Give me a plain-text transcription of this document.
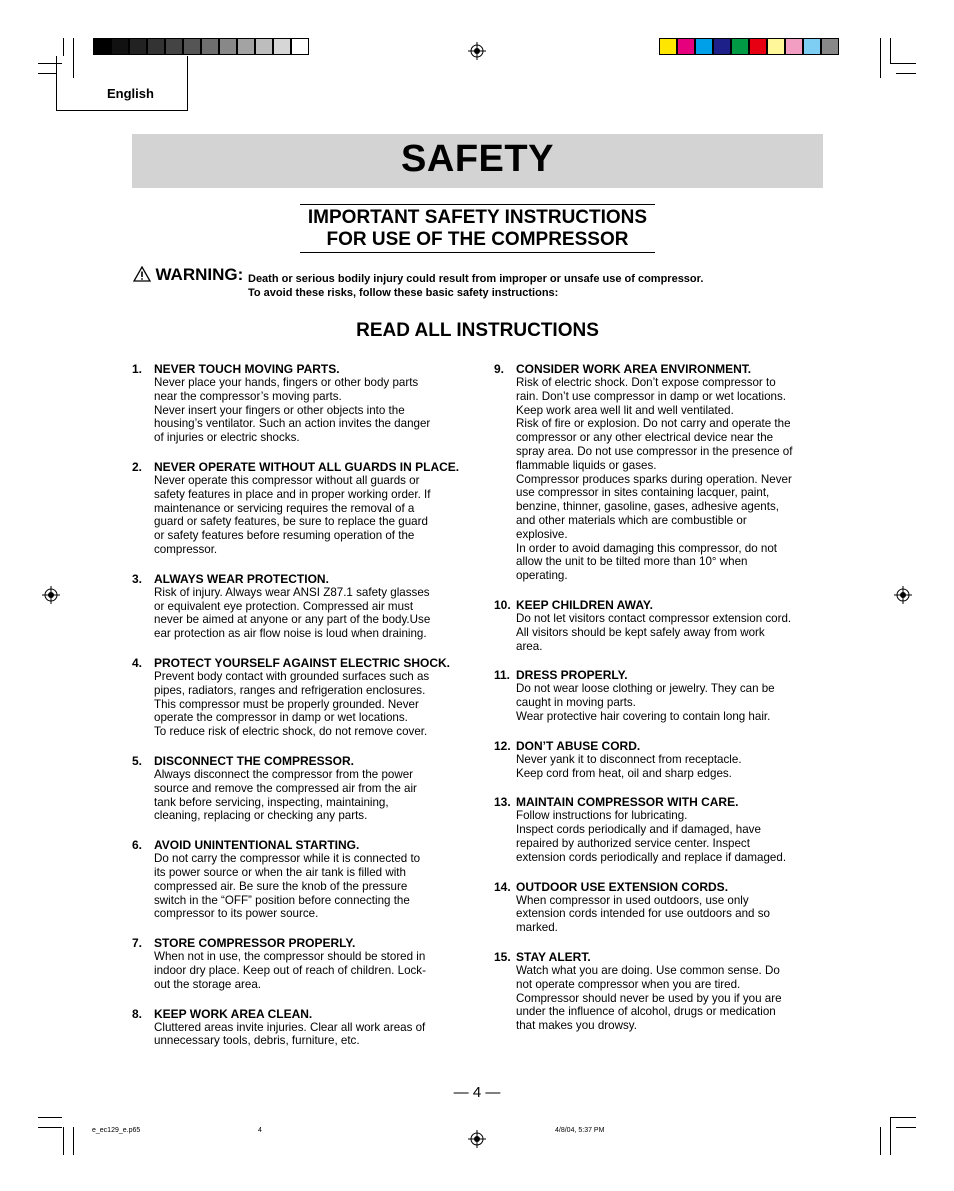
English
SAFETY
IMPORTANT SAFETY INSTRUCTIONS
FOR USE OF THE COMPRESSOR
WARNING: Death or serious bodily injury could result from improper or unsafe use of compressor.
To avoid these risks, follow these basic safety instructions:
READ ALL INSTRUCTIONS
1. NEVER TOUCH MOVING PARTS.
Never place your hands, fingers or other body parts
near the compressor’s moving parts.
Never insert your fingers or other objects into the
housing’s ventilator. Such an action invites the danger
of injuries or electric shocks.
2. NEVER OPERATE WITHOUT ALL GUARDS IN PLACE.
Never operate this compressor without all guards or
safety features in place and in proper working order. If
maintenance or servicing requires the removal of a
guard or safety features, be sure to replace the guard
or safety features before resuming operation of the
compressor.
3. ALWAYS WEAR PROTECTION.
Risk of injury. Always wear ANSI Z87.1 safety glasses
or equivalent eye protection. Compressed air must
never be aimed at anyone or any part of the body.Use
ear protection as air flow noise is loud when draining.
4. PROTECT YOURSELF AGAINST ELECTRIC SHOCK.
Prevent body contact with grounded surfaces such as
pipes, radiators, ranges and refrigeration enclosures.
This compressor must be properly grounded. Never
operate the compressor in damp or wet locations.
To reduce risk of electric shock, do not remove cover.
5. DISCONNECT THE COMPRESSOR.
Always disconnect the compressor from the power
source and remove the compressed air from the air
tank before servicing, inspecting, maintaining,
cleaning, replacing or checking any parts.
6. AVOID UNINTENTIONAL STARTING.
Do not carry the compressor while it is connected to
its power source or when the air tank is filled with
compressed air. Be sure the knob of the pressure
switch in the “OFF” position before connecting the
compressor to its power source.
7. STORE COMPRESSOR PROPERLY.
When not in use, the compressor should be stored in
indoor dry place. Keep out of reach of children. Lock-
out the storage area.
8. KEEP WORK AREA CLEAN.
Cluttered areas invite injuries. Clear all work areas of
unnecessary tools, debris, furniture, etc.
9. CONSIDER WORK AREA ENVIRONMENT.
Risk of electric shock. Don’t expose compressor to
rain. Don’t use compressor in damp or wet locations.
Keep work area well lit and well ventilated.
Risk of fire or explosion. Do not carry and operate the
compressor or any other electrical device near the
spray area. Do not use compressor in the presence of
flammable liquids or gases.
Compressor produces sparks during operation. Never
use compressor in sites containing lacquer, paint,
benzine, thinner, gasoline, gases, adhesive agents,
and other materials which are combustible or
explosive.
In order to avoid damaging this compressor, do not
allow the unit to be tilted more than 10° when
operating.
10. KEEP CHILDREN AWAY.
Do not let visitors contact compressor extension cord.
All visitors should be kept safely away from work
area.
11. DRESS PROPERLY.
Do not wear loose clothing or jewelry. They can be
caught in moving parts.
Wear protective hair covering to contain long hair.
12. DON’T ABUSE CORD.
Never yank it to disconnect from receptacle.
Keep cord from heat, oil and sharp edges.
13. MAINTAIN COMPRESSOR WITH CARE.
Follow instructions for lubricating.
Inspect cords periodically and if damaged, have
repaired by authorized service center. Inspect
extension cords periodically and replace if damaged.
14. OUTDOOR USE EXTENSION CORDS.
When compressor in used outdoors, use only
extension cords intended for use outdoors and so
marked.
15. STAY ALERT.
Watch what you are doing. Use common sense. Do
not operate compressor when you are tired.
Compressor should never be used by you if you are
under the influence of alcohol, drugs or medication
that makes you drowsy.
— 4 —
e_ec129_e.p65	4	4/8/04, 5:37 PM
